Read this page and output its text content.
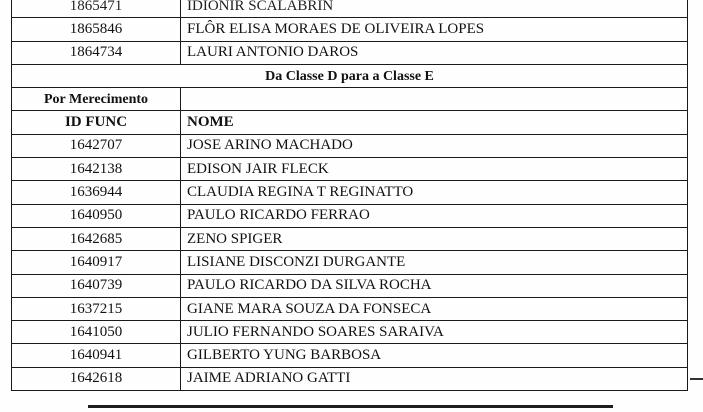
1865471	IDIONIR SCALABRIN
1865846	FLÔR ELISA MORAES DE OLIVEIRA LOPES
1864734	LAURI ANTONIO DAROS
Da Classe D para a Classe E	
Por Merecimento	
ID FUNC	NOME
1642707	JOSE ARINO MACHADO
1642138	EDISON JAIR FLECK
1636944	CLAUDIA REGINA T REGINATTO
1640950	PAULO RICARDO FERRAO
1642685	ZENO SPIGER
1640917	LISIANE DISCONZI DURGANTE
1640739	PAULO RICARDO DA SILVA ROCHA
1637215	GIANE MARA SOUZA DA FONSECA
1641050	JULIO FERNANDO SOARES SARAIVA
1640941	GILBERTO YUNG BARBOSA
1642618	JAIME ADRIANO GATTI
